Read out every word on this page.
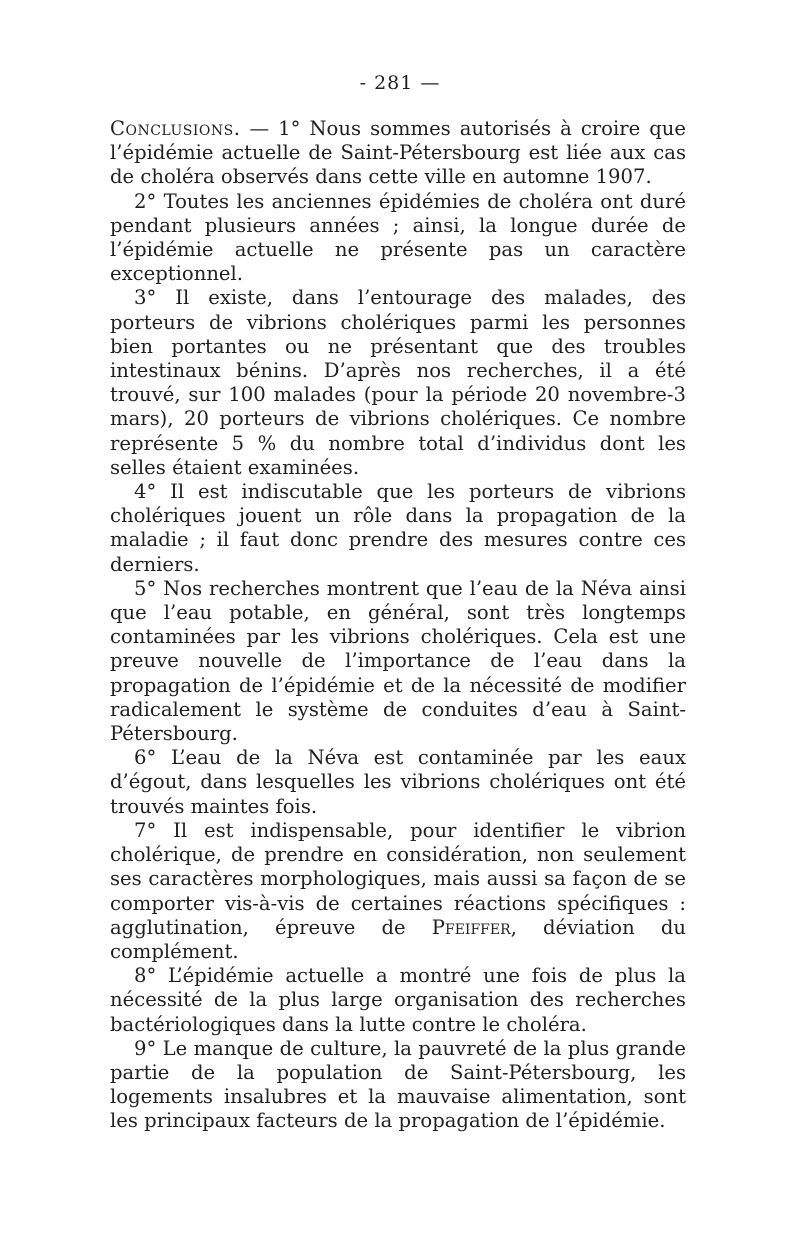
- 281 —

Conclusions. — 1° Nous sommes autorisés à croire que l’épidémie actuelle de Saint-Pétersbourg est liée aux cas de choléra observés dans cette ville en automne 1907.

2° Toutes les anciennes épidémies de choléra ont duré pendant plusieurs années ; ainsi, la longue durée de l’épidémie actuelle ne présente pas un caractère exceptionnel.

3° Il existe, dans l’entourage des malades, des porteurs de vibrions cholériques parmi les personnes bien portantes ou ne présentant que des troubles intestinaux bénins. D’après nos recherches, il a été trouvé, sur 100 malades (pour la période 20 novembre-3 mars), 20 porteurs de vibrions cholériques. Ce nombre représente 5 % du nombre total d’individus dont les selles étaient examinées.

4° Il est indiscutable que les porteurs de vibrions cholériques jouent un rôle dans la propagation de la maladie ; il faut donc prendre des mesures contre ces derniers.

5° Nos recherches montrent que l’eau de la Néva ainsi que l’eau potable, en général, sont très longtemps contaminées par les vibrions cholériques. Cela est une preuve nouvelle de l’importance de l’eau dans la propagation de l’épidémie et de la nécessité de modifier radicalement le système de conduites d’eau à Saint-Pétersbourg.

6° L’eau de la Néva est contaminée par les eaux d’égout, dans lesquelles les vibrions cholériques ont été trouvés maintes fois.

7° Il est indispensable, pour identifier le vibrion cholérique, de prendre en considération, non seulement ses caractères morphologiques, mais aussi sa façon de se comporter vis-à-vis de certaines réactions spécifiques : agglutination, épreuve de Pfeiffer, déviation du complément.

8° L’épidémie actuelle a montré une fois de plus la nécessité de la plus large organisation des recherches bactériologiques dans la lutte contre le choléra.

9° Le manque de culture, la pauvreté de la plus grande partie de la population de Saint-Pétersbourg, les logements insalubres et la mauvaise alimentation, sont les principaux facteurs de la propagation de l’épidémie.
